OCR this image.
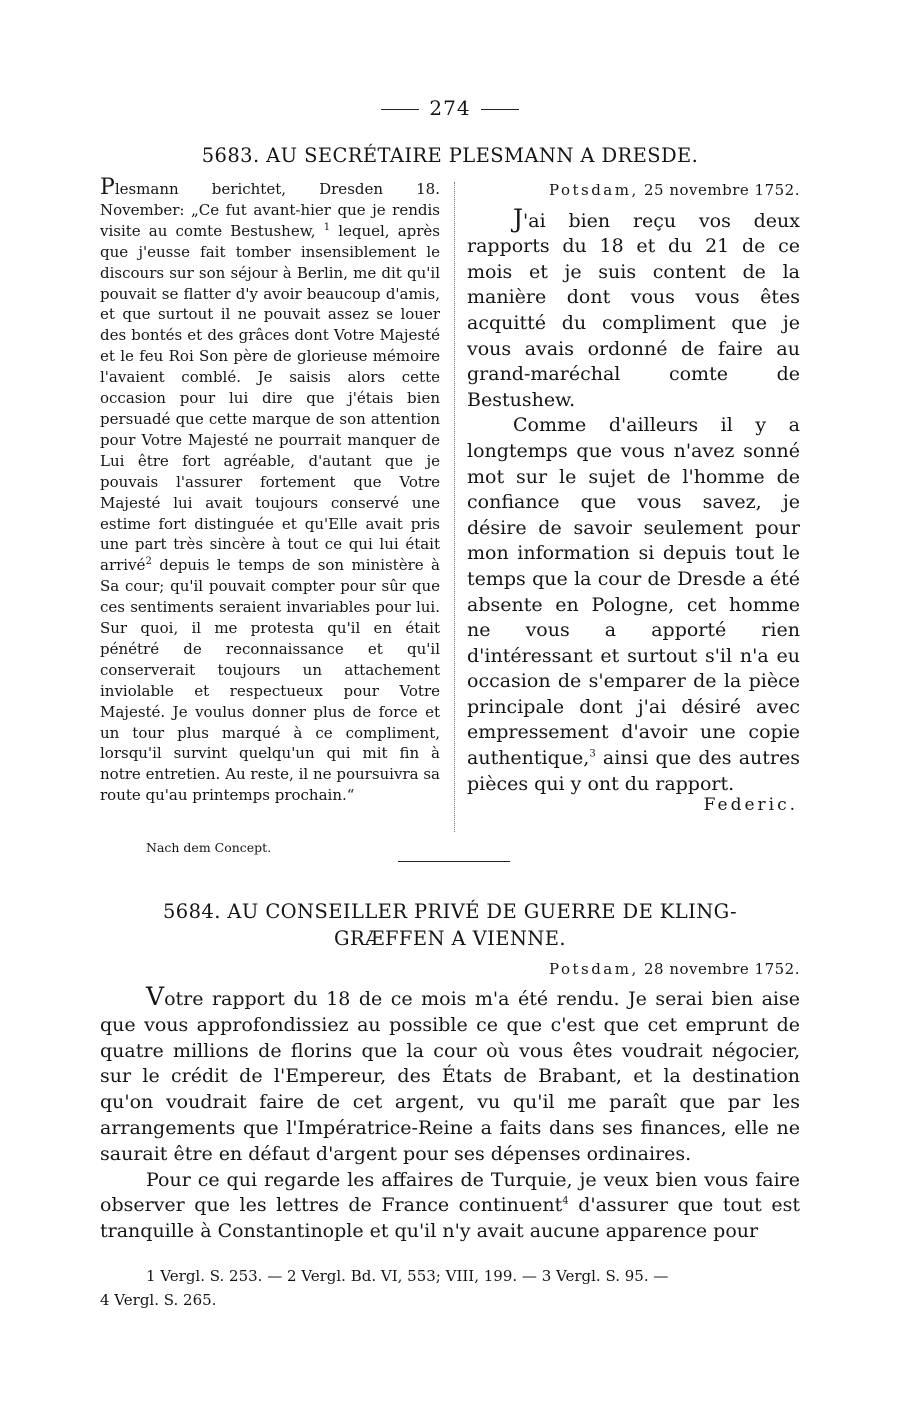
274
5683. AU SECRÉTAIRE PLESMANN A DRESDE.
Plesmann berichtet, Dresden 18. November: „Ce fut avant-hier que je rendis visite au comte Bestushew, $^1$ lequel, après que j'eusse fait tomber insensiblement le discours sur son séjour à Berlin, me dit qu'il pouvait se flatter d'y avoir beaucoup d'amis, et que surtout il ne pouvait assez se louer des bontés et des grâces dont Votre Majesté et le feu Roi Son père de glorieuse mémoire l'avaient comblé. Je saisis alors cette occasion pour lui dire que j'étais bien persuadé que cette marque de son attention pour Votre Majesté ne pourrait manquer de Lui être fort agréable, d'autant que je pouvais l'assurer fortement que Votre Majesté lui avait toujours conservé une estime fort distinguée et qu'Elle avait pris une part très sincère à tout ce qui lui était arrivé$^2$ depuis le temps de son ministère à Sa cour; qu'il pouvait compter pour sûr que ces sentiments seraient invariables pour lui. Sur quoi, il me protesta qu'il en était pénétré de reconnaissance et qu'il conserverait toujours un attachement inviolable et respectueux pour Votre Majesté. Je voulus donner plus de force et un tour plus marqué à ce compliment, lorsqu'il survint quelqu'un qui mit fin à notre entretien. Au reste, il ne poursuivra sa route qu'au printemps prochain.“
Nach dem Concept.
Potsdam, 25 novembre 1752.

J'ai bien reçu vos deux rapports du 18 et du 21 de ce mois et je suis content de la manière dont vous vous êtes acquitté du compliment que je vous avais ordonné de faire au grand-maréchal comte de Bestushew.

Comme d'ailleurs il y a longtemps que vous n'avez sonné mot sur le sujet de l'homme de confiance que vous savez, je désire de savoir seulement pour mon information si depuis tout le temps que la cour de Dresde a été absente en Pologne, cet homme ne vous a apporté rien d'intéressant et surtout s'il n'a eu occasion de s'emparer de la pièce principale dont j'ai désiré avec empressement d'avoir une copie authentique,$^3$ ainsi que des autres pièces qui y ont du rapport.

Federic.
5684. AU CONSEILLER PRIVÉ DE GUERRE DE KLING-
GRÆFFEN A VIENNE.
Potsdam, 28 novembre 1752.

Votre rapport du 18 de ce mois m'a été rendu. Je serai bien aise que vous approfondissiez au possible ce que c'est que cet emprunt de quatre millions de florins que la cour où vous êtes voudrait négocier, sur le crédit de l'Empereur, des États de Brabant, et la destination qu'on voudrait faire de cet argent, vu qu'il me paraît que par les arrangements que l'Impératrice-Reine a faits dans ses finances, elle ne saurait être en défaut d'argent pour ses dépenses ordinaires.

Pour ce qui regarde les affaires de Turquie, je veux bien vous faire observer que les lettres de France continuent$^4$ d'assurer que tout est tranquille à Constantinople et qu'il n'y avait aucune apparence pour

1 Vergl. S. 253. — 2 Vergl. Bd. VI, 553; VIII, 199. — 3 Vergl. S. 95. —
4 Vergl. S. 265.
